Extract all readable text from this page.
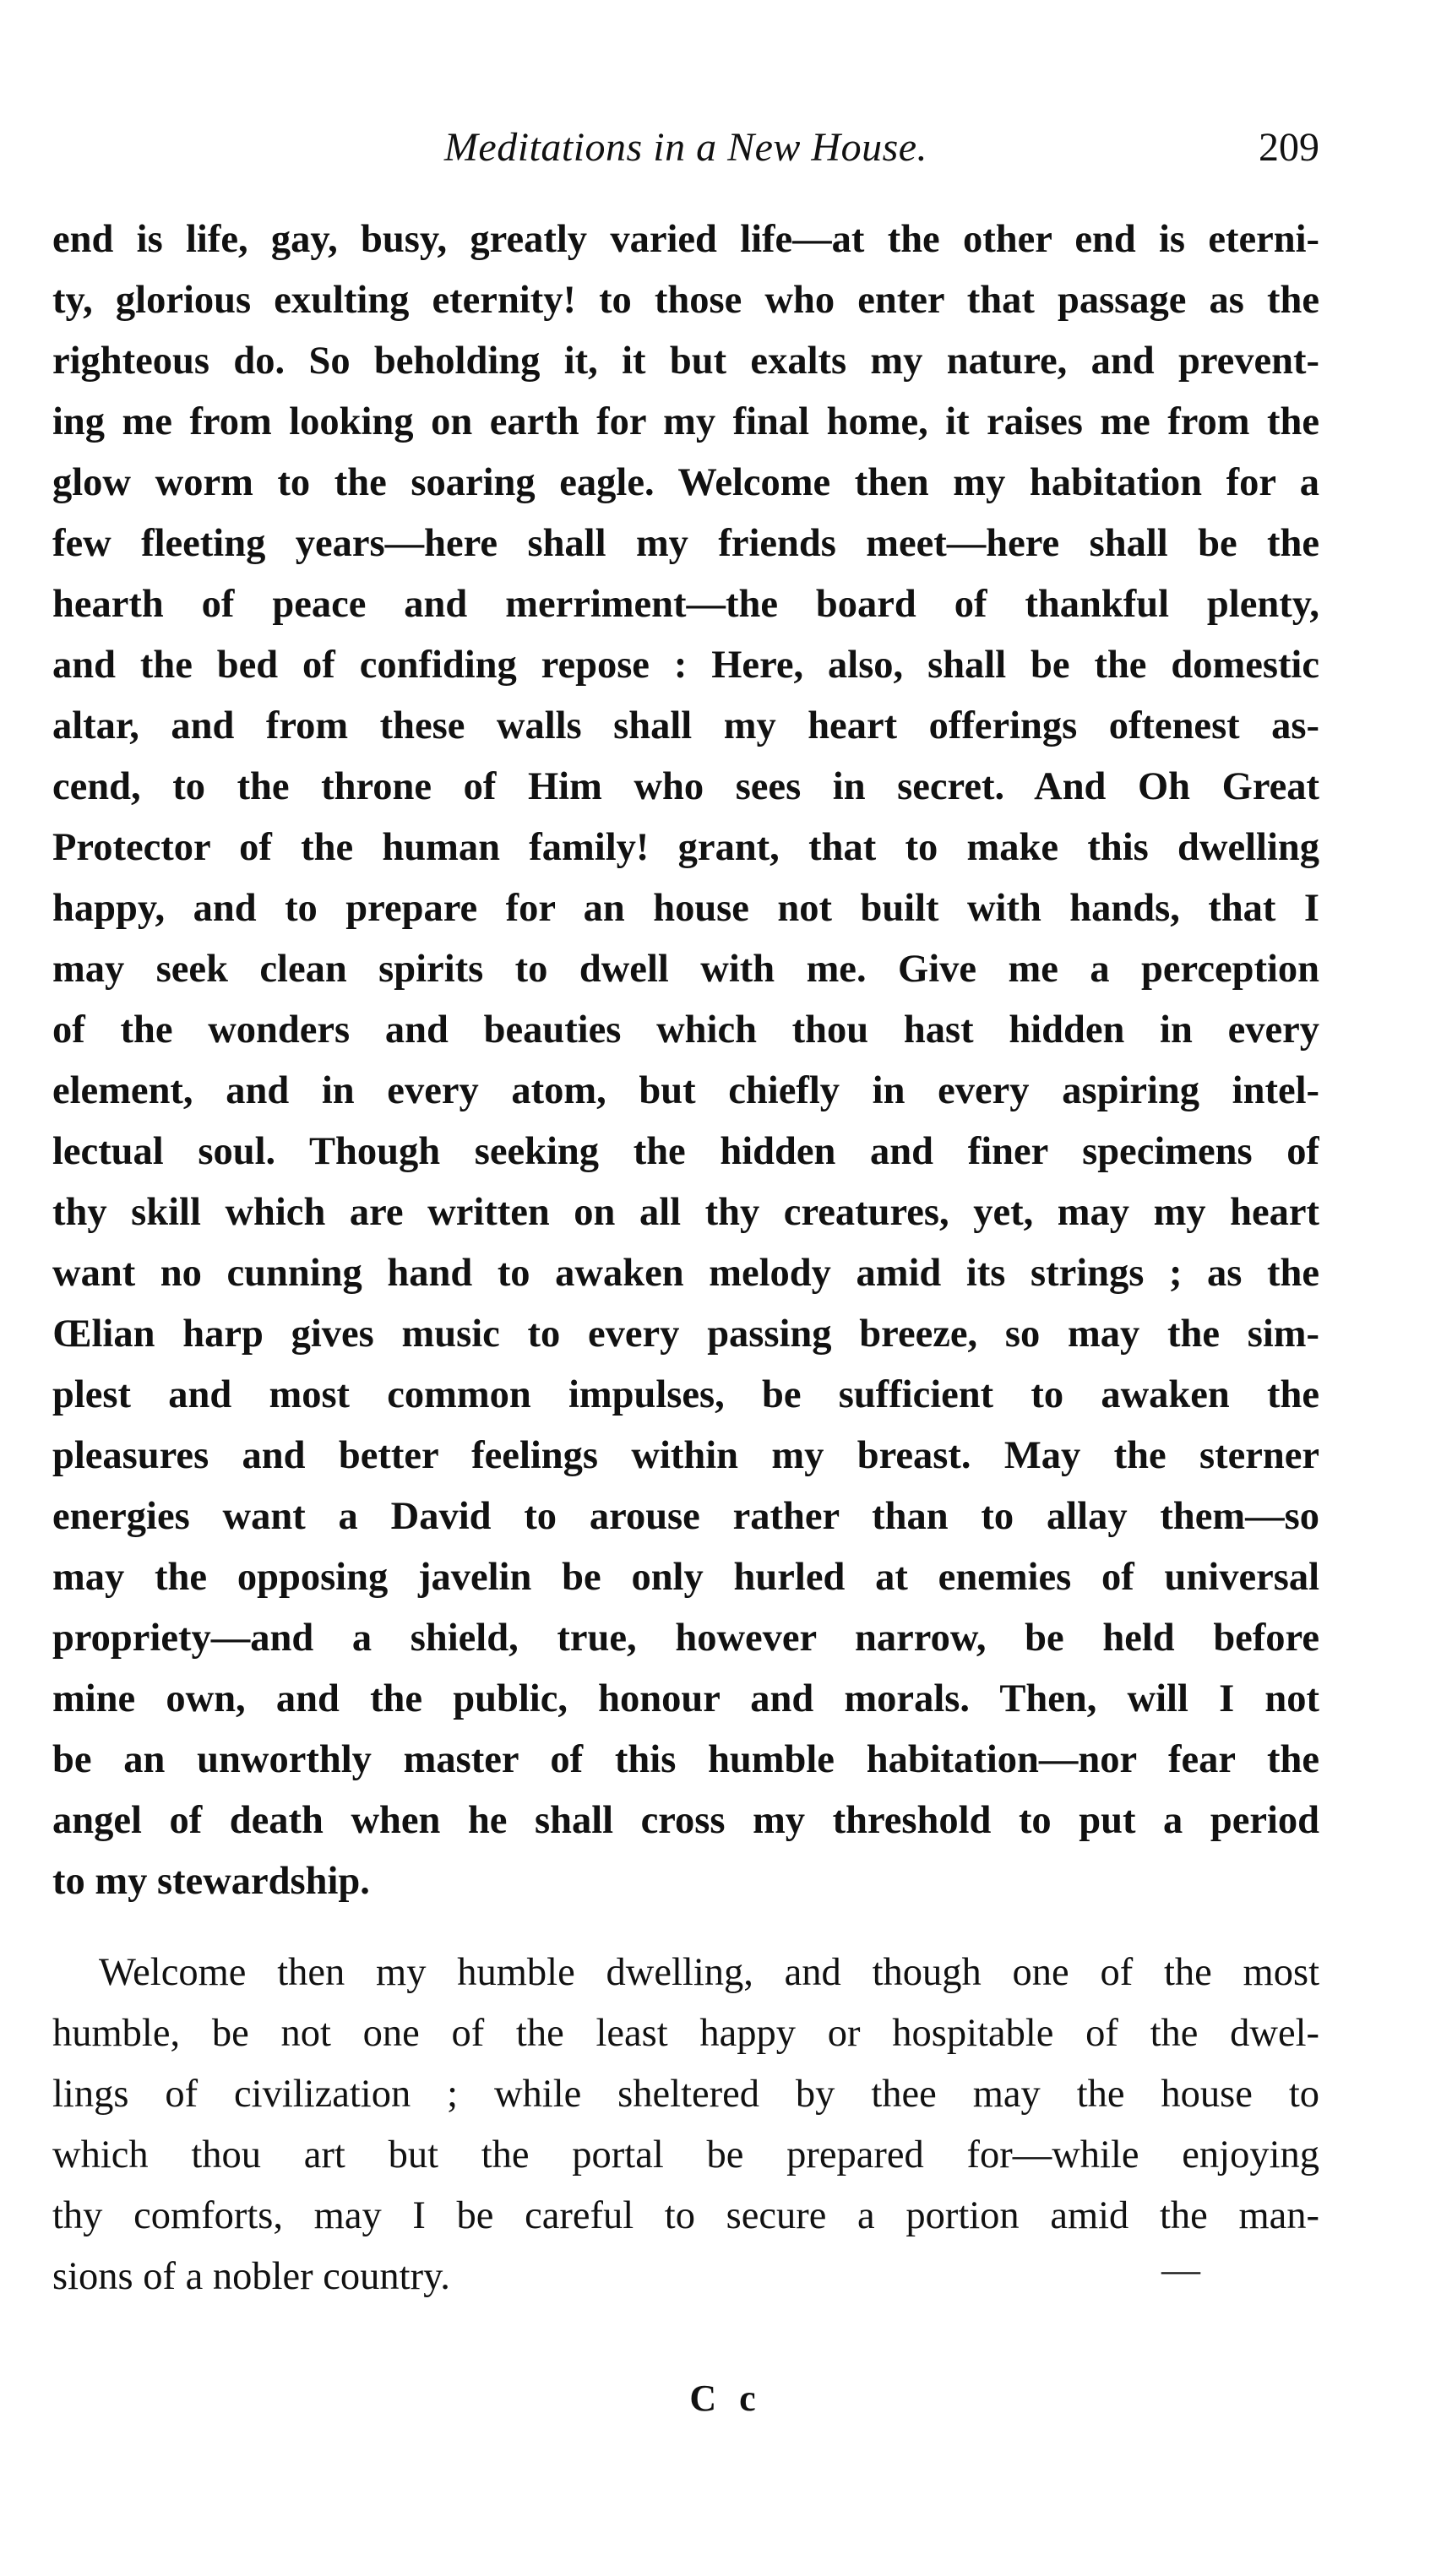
Meditations in a New House.	209
end is life, gay, busy, greatly varied life—at the other end is eterni-
ty, glorious exulting eternity! to those who enter that passage as the
righteous do. So beholding it, it but exalts my nature, and prevent-
ing me from looking on earth for my final home, it raises me from the
glow worm to the soaring eagle. Welcome then my habitation for a
few fleeting years—here shall my friends meet—here shall be the
hearth of peace and merriment—the board of thankful plenty,
and the bed of confiding repose : Here, also, shall be the domestic
altar, and from these walls shall my heart offerings oftenest as-
cend, to the throne of Him who sees in secret. And Oh Great
Protector of the human family! grant, that to make this dwelling
happy, and to prepare for an house not built with hands, that I
may seek clean spirits to dwell with me. Give me a perception
of the wonders and beauties which thou hast hidden in every
element, and in every atom, but chiefly in every aspiring intel-
lectual soul. Though seeking the hidden and finer specimens of
thy skill which are written on all thy creatures, yet, may my heart
want no cunning hand to awaken melody amid its strings ; as the
Œlian harp gives music to every passing breeze, so may the sim-
plest and most common impulses, be sufficient to awaken the
pleasures and better feelings within my breast. May the sterner
energies want a David to arouse rather than to allay them—so
may the opposing javelin be only hurled at enemies of universal
propriety—and a shield, true, however narrow, be held before
mine own, and the public, honour and morals. Then, will I not
be an unworthly master of this humble habitation—nor fear the
angel of death when he shall cross my threshold to put a period
to my stewardship.
Welcome then my humble dwelling, and though one of the most
humble, be not one of the least happy or hospitable of the dwel-
lings of civilization ; while sheltered by thee may the house to
which thou art but the portal be prepared for—while enjoying
thy comforts, may I be careful to secure a portion amid the man-
sions of a nobler country.	—
C c
